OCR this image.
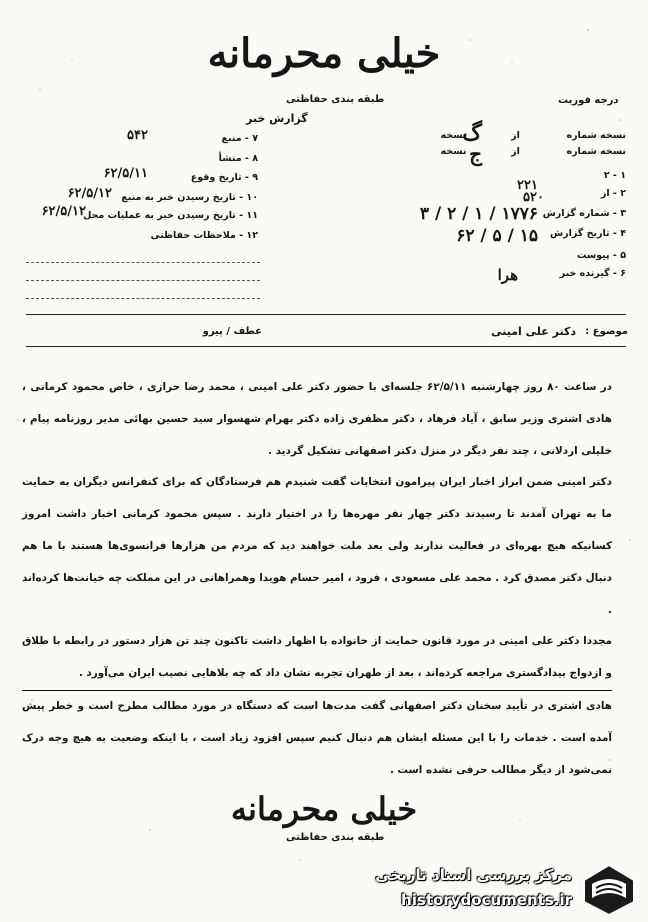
خیلی محرمانه
طبقه بندی حفاظتی
گزارش خبر
درجه فوریت
نسخه شماره  از  نسخه
نسخه شماره  از  نسخه
گ
ج
۱ - ۲
۲۲۱
۲ - از
۵۲۰
۳ - شماره گزارش
۱۷۷۶ / ۱ / ۲ / ۳
۴ - تاریخ گزارش
۱۵ / ۵ / ۶۲
۵ - پیوست
۶ - گیرنده خبر
هرا
۷ - منبع
۵۴۲
۸ - منشأ
۹ - تاریخ وقوع
۶۲/۵/۱۱
۱۰ - تاریخ رسیدن خبر به منبع
۶۲/۵/۱۲
۱۱ - تاریخ رسیدن خبر به عملیات محل
۶۲/۵/۱۲
۱۲ - ملاحظات حفاظتی
موضوع :
دکتر علی امینی
عطف / پیرو

در ساعت ۸۰ روز چهارشنبه ۶۲/۵/۱۱ جلسه‌ای با حضور دکتر علی امینی ، محمد رضا حرازی ، خاص محمود کرمانی ، هادی اشتری وزیر سابق ، آیاد فرهاد ، دکتر مظفری زاده دکتر بهرام شهسوار سید حسین بهائی مدیر روزنامه پیام ، خلیلی اردلانی ، چند نفر دیگر در منزل دکتر اصفهانی تشکیل گردید .

دکتر امینی ضمن ابراز اخبار ایران پیرامون انتخابات گفت شنیدم هم فرستادگان که برای کنفرانس دیگران به حمایت ما به تهران آمدند تا رسیدند دکتر چهار نفر مهره‌ها را در اختیار دارند . سپس محمود کرمانی اخبار داشت امروز کسانیکه هیچ بهره‌ای در فعالیت ندارند ولی بعد ملت خواهند دید که مردم من هزارها فرانسوی‌ها هستند با ما هم دنبال دکتر مصدق کرد . محمد علی مسعودی ، فرود ، امیر حسام هویدا وهمراهانی در این مملکت چه خیانت‌ها کرده‌اند .

مجددا دکتر علی امینی در مورد قانون حمایت از خانواده با اظهار داشت تاکنون چند تن هزار دستور در رابطه با طلاق و ازدواج بیدادگستری مراجعه کرده‌اند ، بعد از طهران تجربه نشان داد که چه بلاهایی نصیب ایران می‌آورد .

هادی اشتری در تأیید سخنان دکتر اصفهانی گفت مدت‌ها است که دستگاه در مورد مطالب مطرح است و خطر پیش آمده است . خدمات را با این مسئله ایشان هم دنبال کنیم سپس افزود زیاد است ، با اینکه وضعیت به هیچ وجه درک نمی‌شود از دیگر مطالب حرفی نشده است .

خیلی محرمانه
طبقه بندی حفاظتی
مرکز بررسی اسناد تاریخی
historydocuments.ir
